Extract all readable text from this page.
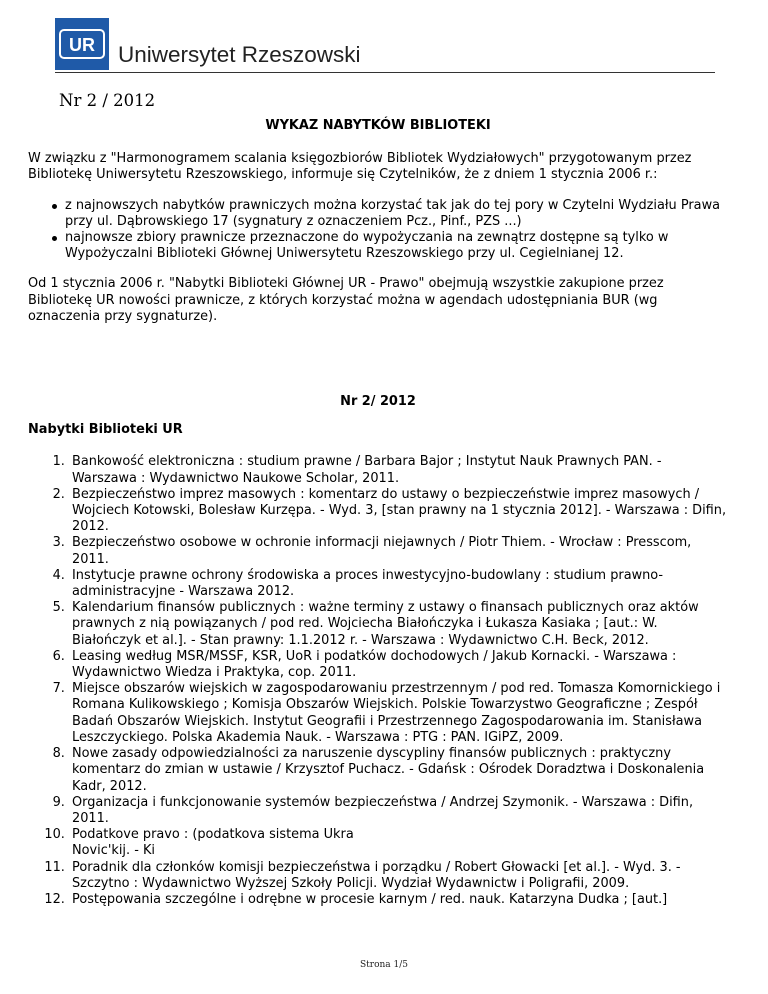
UR Uniwersytet Rzeszowski
Nr 2 / 2012

WYKAZ NABYTKÓW BIBLIOTEKI

W związku z "Harmonogramem scalania księgozbiorów Bibliotek Wydziałowych" przygotowanym przez Bibliotekę Uniwersytetu Rzeszowskiego, informuje się Czytelników, że z dniem 1 stycznia 2006 r.:

z najnowszych nabytków prawniczych można korzystać tak jak do tej pory w Czytelni Wydziału Prawa przy ul. Dąbrowskiego 17 (sygnatury z oznaczeniem Pcz., Pinf., PZS ...)
najnowsze zbiory prawnicze przeznaczone do wypożyczania na zewnątrz dostępne są tylko w Wypożyczalni Biblioteki Głównej Uniwersytetu Rzeszowskiego przy ul. Cegielnianej 12.

Od 1 stycznia 2006 r. "Nabytki Biblioteki Głównej UR - Prawo" obejmują wszystkie zakupione przez Bibliotekę UR nowości prawnicze, z których korzystać można w agendach udostępniania BUR (wg oznaczenia przy sygnaturze).

Nr 2/ 2012

Nabytki Biblioteki UR

1. Bankowość elektroniczna : studium prawne / Barbara Bajor ; Instytut Nauk Prawnych PAN. - Warszawa : Wydawnictwo Naukowe Scholar, 2011.
2. Bezpieczeństwo imprez masowych : komentarz do ustawy o bezpieczeństwie imprez masowych / Wojciech Kotowski, Bolesław Kurzępa. - Wyd. 3, [stan prawny na 1 stycznia 2012]. - Warszawa : Difin, 2012.
3. Bezpieczeństwo osobowe w ochronie informacji niejawnych / Piotr Thiem. - Wrocław : Presscom, 2011.
4. Instytucje prawne ochrony środowiska a proces inwestycyjno-budowlany : studium prawno-administracyjne - Warszawa 2012.
5. Kalendarium finansów publicznych : ważne terminy z ustawy o finansach publicznych oraz aktów prawnych z nią powiązanych / pod red. Wojciecha Białończyka i Łukasza Kasiaka ; [aut.: W. Białończyk et al.]. - Stan prawny: 1.1.2012 r. - Warszawa : Wydawnictwo C.H. Beck, 2012.
6. Leasing według MSR/MSSF, KSR, UoR i podatków dochodowych / Jakub Kornacki. - Warszawa : Wydawnictwo Wiedza i Praktyka, cop. 2011.
7. Miejsce obszarów wiejskich w zagospodarowaniu przestrzennym / pod red. Tomasza Komornickiego i Romana Kulikowskiego ; Komisja Obszarów Wiejskich. Polskie Towarzystwo Geograficzne ; Zespół Badań Obszarów Wiejskich. Instytut Geografii i Przestrzennego Zagospodarowania im. Stanisława Leszczyckiego. Polska Akademia Nauk. - Warszawa : PTG : PAN. IGiPZ, 2009.
8. Nowe zasady odpowiedzialności za naruszenie dyscypliny finansów publicznych : praktyczny komentarz do zmian w ustawie / Krzysztof Puchacz. - Gdańsk : Ośrodek Doradztwa i Doskonalenia Kadr, 2012.
9. Organizacja i funkcjonowanie systemów bezpieczeństwa / Andrzej Szymonik. - Warszawa : Difin, 2011.
10. Podatkove pravo : (podatkova sistema Ukra
Novic'kij. - Ki
11. Poradnik dla członków komisji bezpieczeństwa i porządku / Robert Głowacki [et al.]. - Wyd. 3. - Szczytno : Wydawnictwo Wyższej Szkoły Policji. Wydział Wydawnictw i Poligrafii, 2009.
12. Postępowania szczególne i odrębne w procesie karnym / red. nauk. Katarzyna Dudka ; [aut.]
Strona 1/5
